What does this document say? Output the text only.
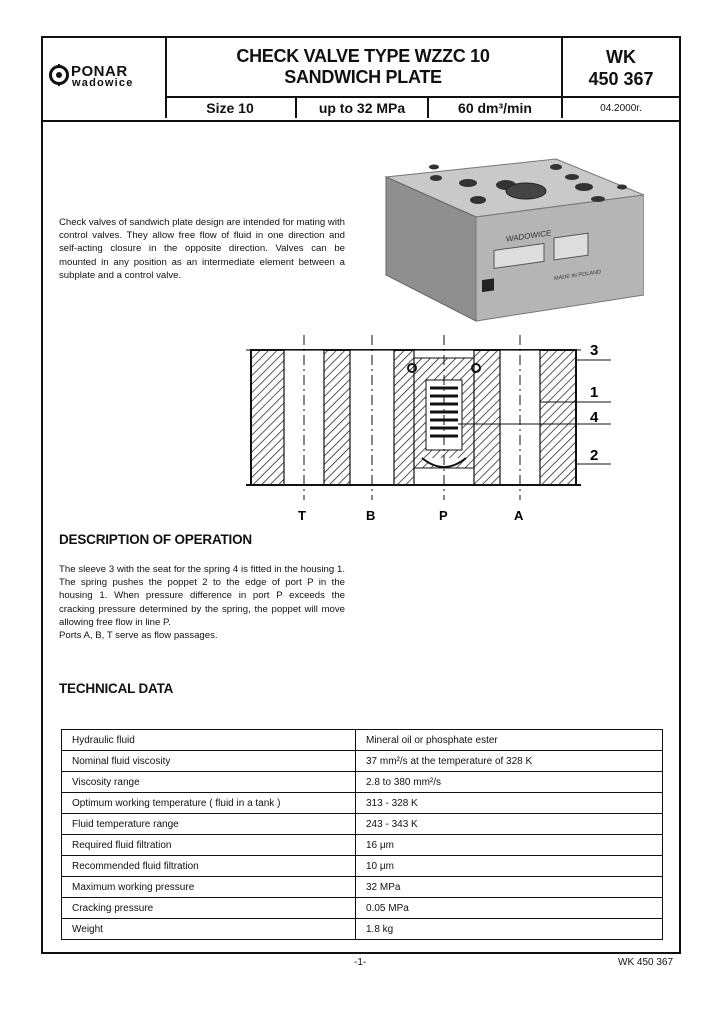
PONAR
wadowice
CHECK VALVE TYPE WZZC 10
SANDWICH PLATE
WK
450 367
Size 10	up to 32 MPa	60 dm³/min	04.2000r.
WADOWICE
MADE IN POLAND
Check valves of sandwich plate design are intended for mating with control valves. They allow free flow of fluid in one direction and self-acting closure in the opposite direction. Valves can be mounted in any position as an intermediate element between a subplate and a control valve.
3
1
4
2
T	B	P	A
DESCRIPTION OF OPERATION
The sleeve 3 with the seat for the spring 4 is fitted in the housing 1. The spring pushes the poppet 2 to the edge of port P in the housing 1. When pressure difference in port P exceeds the cracking pressure determined by the spring, the poppet will move allowing free flow in line P.
Ports A, B, T serve as flow passages.
TECHNICAL DATA
Hydraulic fluid	Mineral oil or phosphate ester
Nominal fluid viscosity	37 mm²/s at the temperature of 328 K
Viscosity range	2.8 to 380 mm²/s
Optimum working temperature ( fluid in a tank )	313 - 328 K
Fluid temperature range	243 - 343 K
Required fluid filtration	16 μm
Recommended fluid filtration	10 μm
Maximum working pressure	32 MPa
Cracking pressure	0.05 MPa
Weight	1.8 kg
-1-	WK 450 367
